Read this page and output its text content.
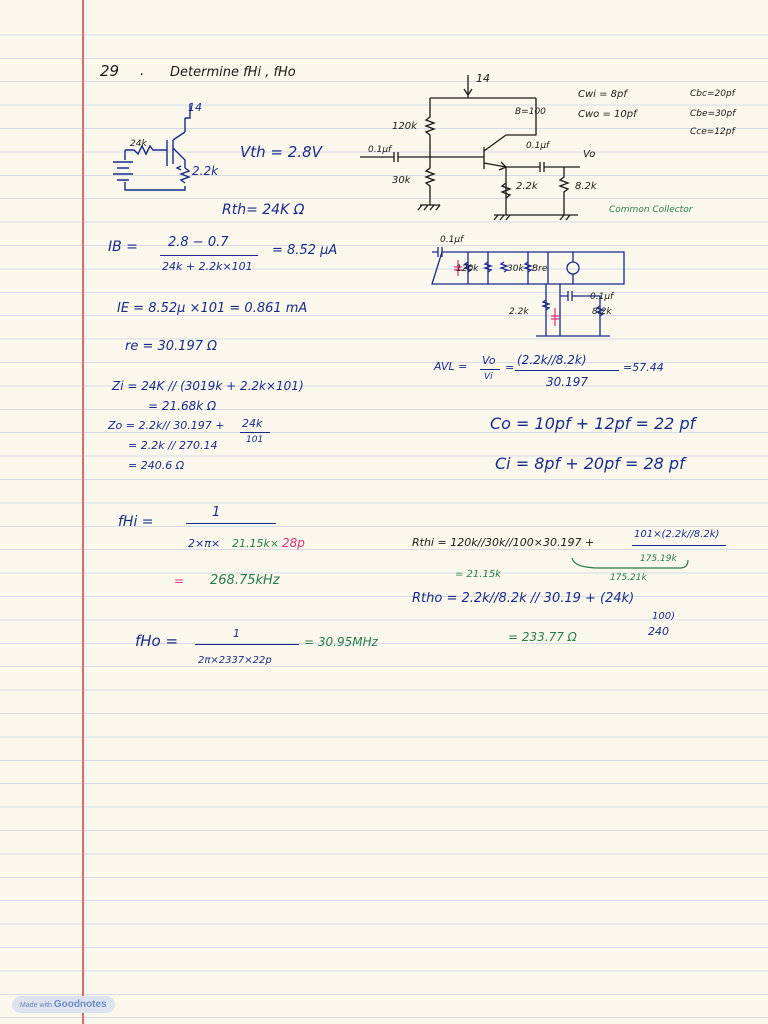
29 . Determine fHi , fHo
14
24k
2.2k
Vth = 2.8V
Rth= 24K Ω
IB = 2.8 − 0.7
24k + 2.2k×101
= 8.52 μA
IE = 8.52μ ×101 = 0.861 mA
re = 30.197 Ω
Zi = 24K // (3019k + 2.2k×101)
= 21.68k Ω
Zo = 2.2k// 30.197 + 24k
101
= 2.2k // 270.14
= 240.6 Ω
14
120k
0.1μf
30k
B=100
0.1μf
Vo
2.2k	8.2k
Common Collector
Cwi = 8pf
Cwo = 10pf
Cbc=20pf
Cbe=30pf
Cce=12pf
0.1μf
120k	30k Bre
2.2k
0.1μf
8.2k
AVL = Vo
Vi
=
(2.2k//8.2k)
30.197
=57.44
Co = 10pf + 12pf = 22 pf
Ci = 8pf + 20pf = 28 pf
fHi =
1
2×π× 21.15k× 28p
= 268.75kHz
Rthi = 120k//30k//100×30.197 +
101×(2.2k//8.2k)
175.19k
175.21k
= 21.15k
Rtho = 2.2k//8.2k // 30.19 + (24k)
100)
240
= 233.77 Ω
fHo =	1
2π×2337×22p
= 30.95MHz
Made with Goodnotes
